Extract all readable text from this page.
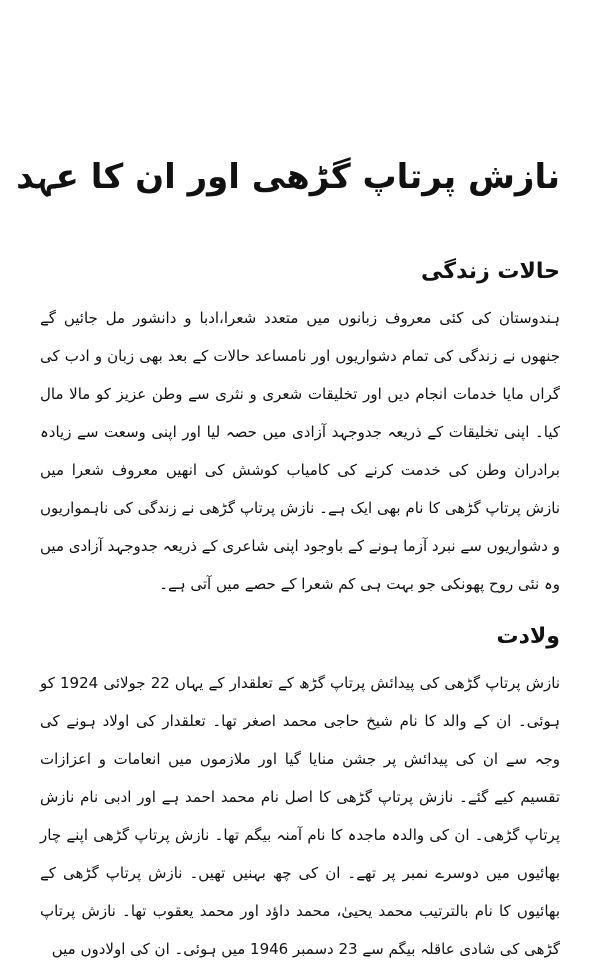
نازش پرتاپ گڑھی اور ان کا عہد
حالات زندگی

ہندوستان کی کئی معروف زبانوں میں متعدد شعرا،ادبا و دانشور مل جائیں گے جنھوں نے زندگی کی تمام دشواریوں اور نامساعد حالات کے بعد بھی زبان و ادب کی گراں مایا خدمات انجام دیں اور تخلیقات شعری و نثری سے وطن عزیز کو مالا مال کیا۔ اپنی تخلیقات کے ذریعہ جدوجہد آزادی میں حصہ لیا اور اپنی وسعت سے زیادہ برادران وطن کی خدمت کرنے کی کامیاب کوشش کی انھیں معروف شعرا میں نازش پرتاپ گڑھی کا نام بھی ایک ہے۔ نازش پرتاپ گڑھی نے زندگی کی ناہمواریوں و دشواریوں سے نبرد آزما ہونے کے باوجود اپنی شاعری کے ذریعہ جدوجہد آزادی میں وہ نئی روح پھونکی جو بہت ہی کم شعرا کے حصے میں آتی ہے۔

ولادت

نازش پرتاپ گڑھی کی پیدائش پرتاپ گڑھ کے تعلقدار کے یہاں 22 جولائی 1924 کو ہوئی۔ ان کے والد کا نام شیخ حاجی محمد اصغر تھا۔ تعلقدار کی اولاد ہونے کی وجہ سے ان کی پیدائش پر جشن منایا گیا اور ملازموں میں انعامات و اعزازات تقسیم کیے گئے۔ نازش پرتاپ گڑھی کا اصل نام محمد احمد ہے اور ادبی نام نازش پرتاپ گڑھی۔ ان کی والدہ ماجدہ کا نام آمنہ بیگم تھا۔ نازش پرتاپ گڑھی اپنے چار بھائیوں میں دوسرے نمبر پر تھے۔ ان کی چھ بہنیں تھیں۔ نازش پرتاپ گڑھی کے بھائیوں کا نام بالترتیب محمد یحییٰ، محمد داؤد اور محمد یعقوب تھا۔ نازش پرتاپ گڑھی کی شادی عاقلہ بیگم سے 23 دسمبر 1946 میں ہوئی۔ ان کی اولادوں میں
